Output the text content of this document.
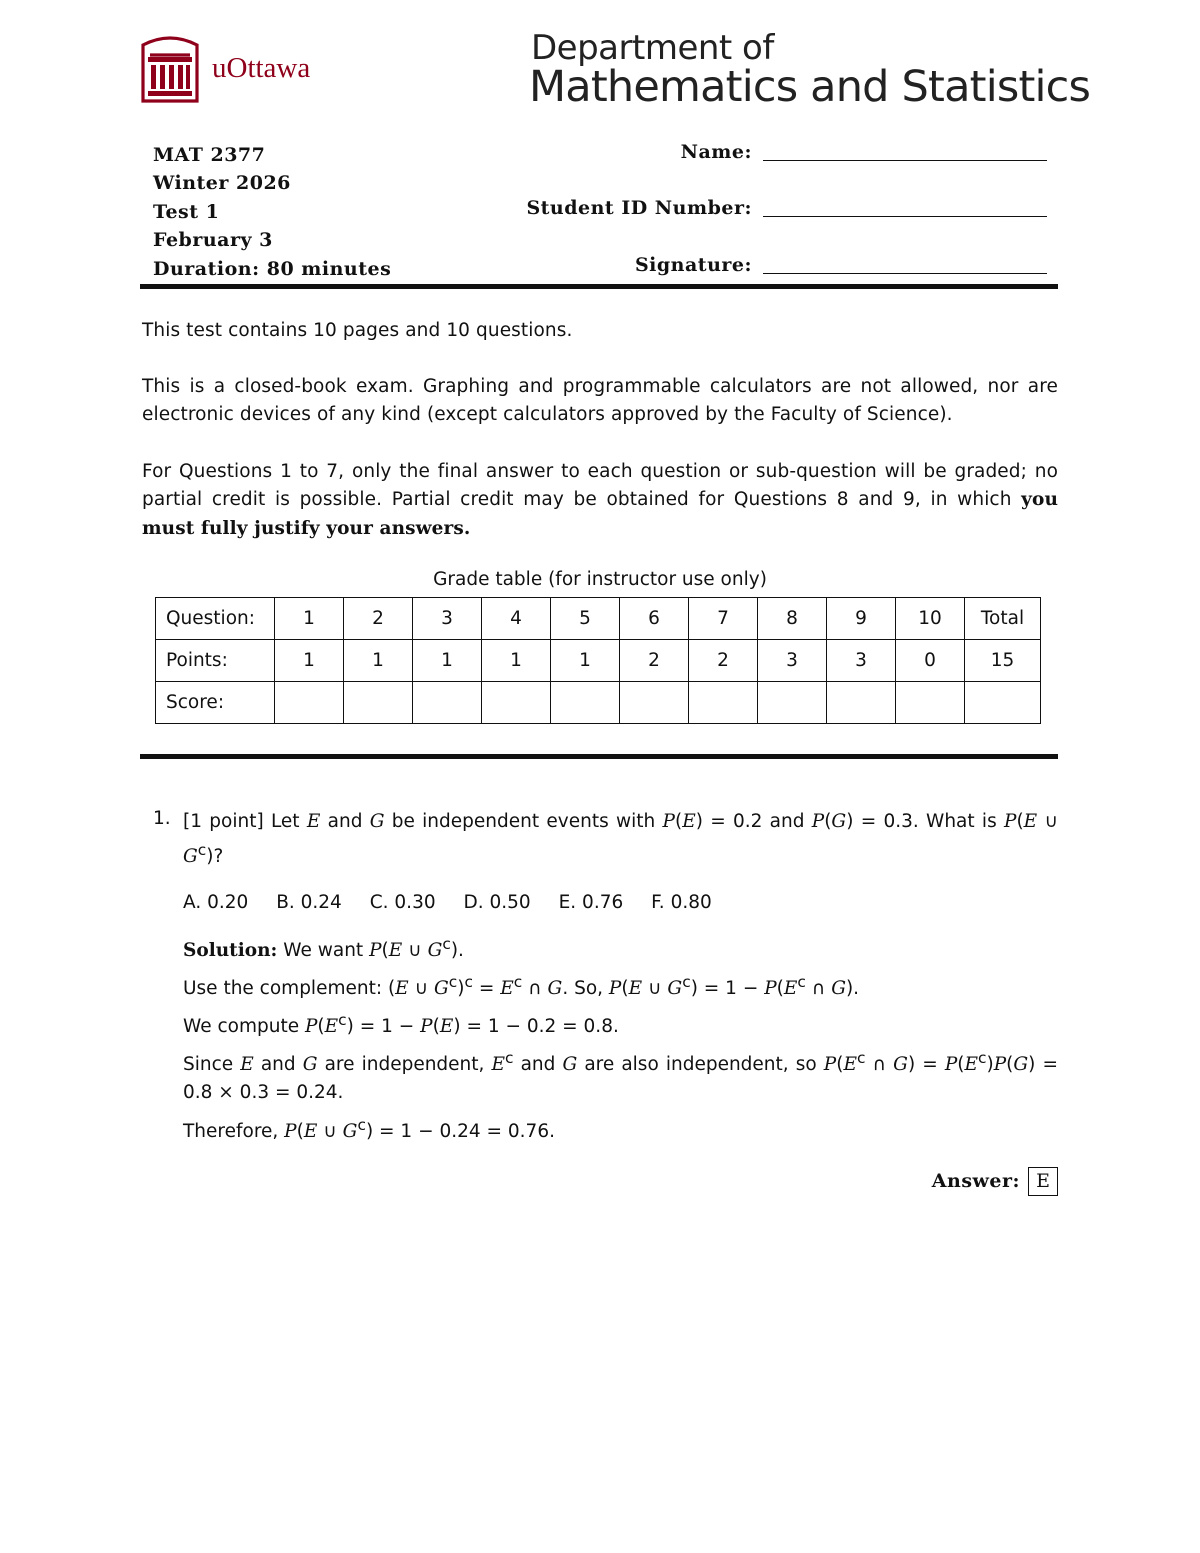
uOttawa	Department of
Mathematics and Statistics
MAT 2377
Winter 2026
Test 1
February 3
Duration: 80 minutes
Name:
Student ID Number:
Signature:
This test contains 10 pages and 10 questions.
This is a closed-book exam. Graphing and programmable calculators are not allowed, nor are electronic devices of any kind (except calculators approved by the Faculty of Science).
For Questions 1 to 7, only the final answer to each question or sub-question will be graded; no partial credit is possible. Partial credit may be obtained for Questions 8 and 9, in which you must fully justify your answers.
Grade table (for instructor use only)
Question:	1	2	3	4	5	6	7	8	9	10	Total
Points:	1	1	1	1	1	2	2	3	3	0	15
Score:											
1. [1 point] Let E and G be independent events with P(E) = 0.2 and P(G) = 0.3. What is P(E ∪ $G^c$)?
A. 0.20 B. 0.24 C. 0.30 D. 0.50 E. 0.76 F. 0.80
Solution: We want P(E ∪ $G^c$).
Use the complement: (E ∪ $G^c)^c = E^c$ ∩ G. So, P(E ∪ $G^c) = 1 - P(E^c$ ∩ G).
We compute $P(E^c) = 1 - P(E) = 1 - 0.2 = 0.8$.
Since E and G are independent, $E^c$ and G are also independent, so $P(E^c$ ∩ $G) = P(E^c)P(G) = 0.8 \times 0.3 = 0.24$.
Therefore, P(E ∪ $G^c) = 1 - 0.24 = 0.76$.
Answer: E
